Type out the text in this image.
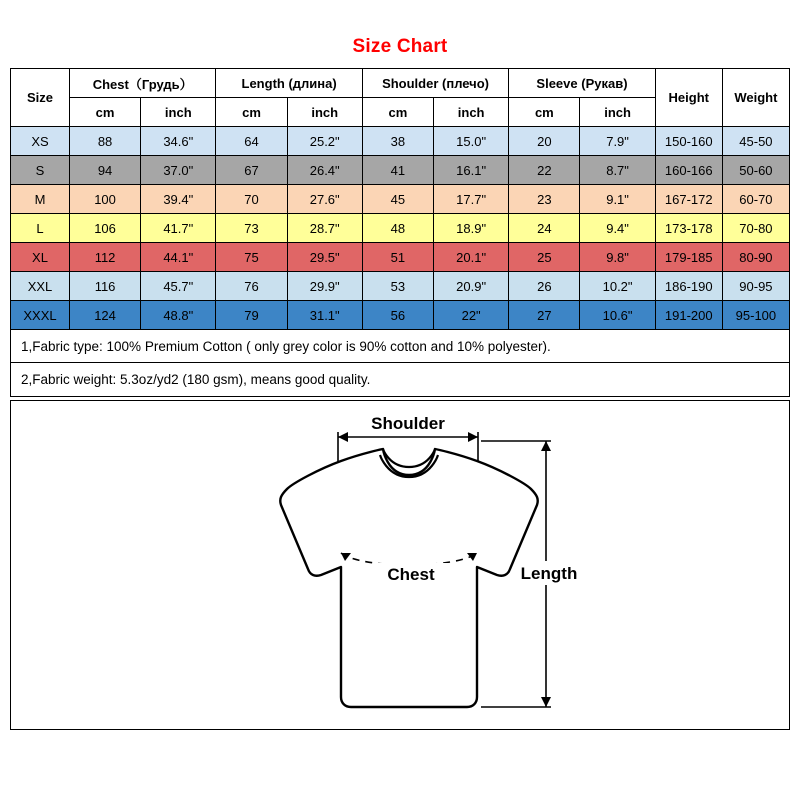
Size Chart
Size	Chest（Грудь）		Length (длина)		Shoulder (плечо)		Sleeve (Рукав)		Height	Weight
	cm	inch	cm	inch	cm	inch	cm	inch		
XS	88	34.6"	64	25.2"	38	15.0"	20	7.9"	150-160	45-50
S	94	37.0"	67	26.4"	41	16.1"	22	8.7"	160-166	50-60
M	100	39.4"	70	27.6"	45	17.7"	23	9.1"	167-172	60-70
L	106	41.7"	73	28.7"	48	18.9"	24	9.4"	173-178	70-80
XL	112	44.1"	75	29.5"	51	20.1"	25	9.8"	179-185	80-90
XXL	116	45.7"	76	29.9"	53	20.9"	26	10.2"	186-190	90-95
XXXL	124	48.8"	79	31.1"	56	22"	27	10.6"	191-200	95-100
1,Fabric type: 100% Premium Cotton ( only grey color is 90% cotton and 10% polyester).
2,Fabric weight: 5.3oz/yd2 (180 gsm), means good quality.
Chest	Length
Shoulder
